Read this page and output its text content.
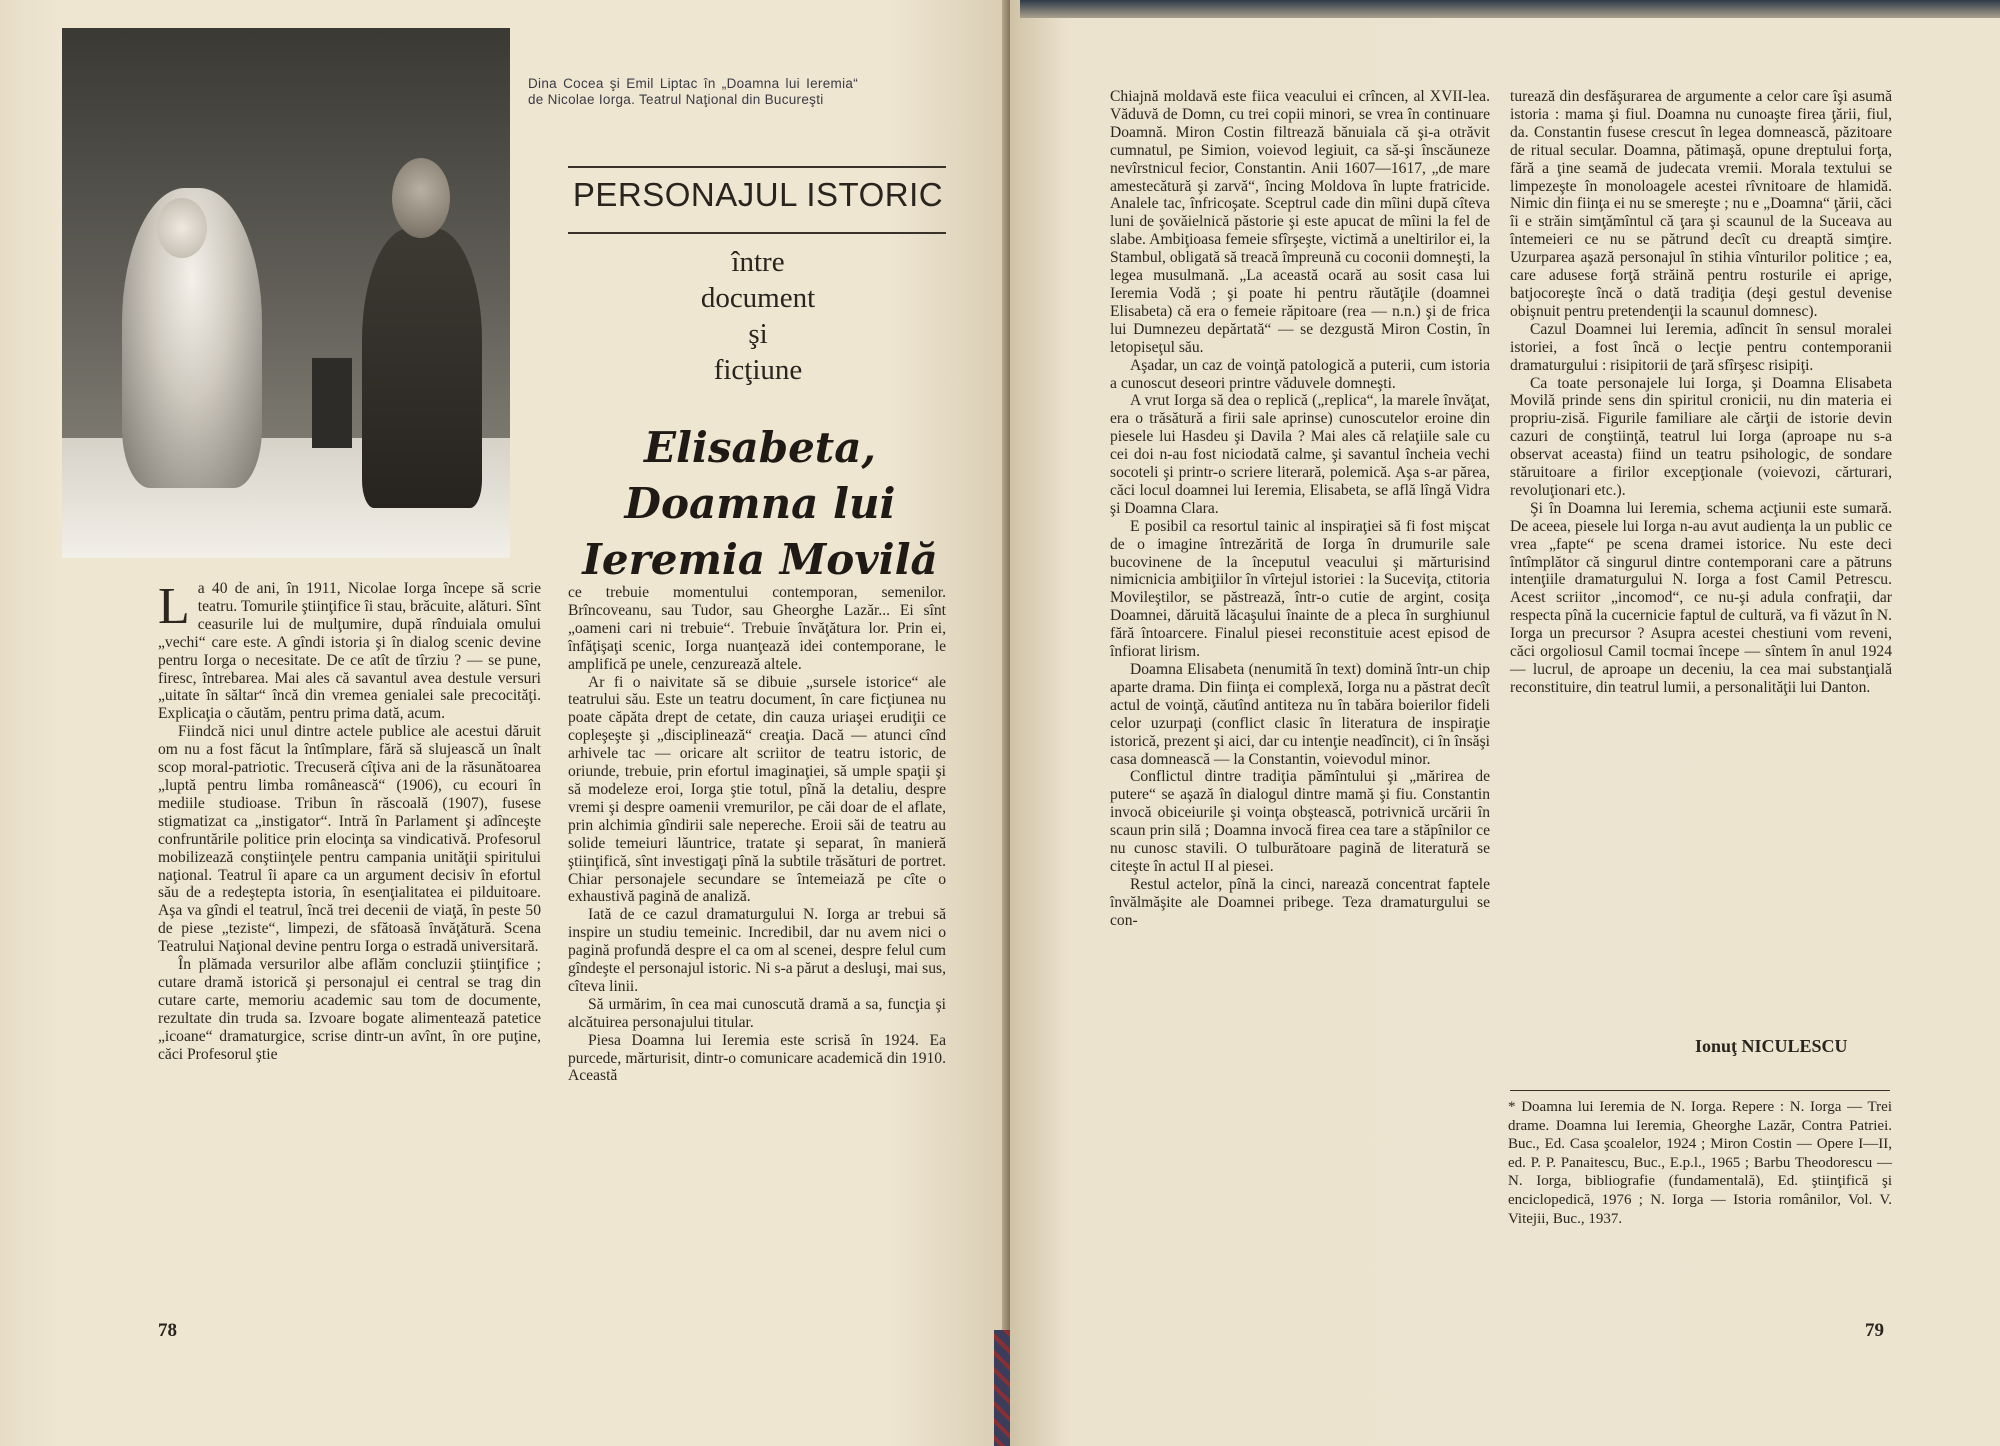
Dina Cocea şi Emil Liptac în „Doamna lui Ieremia“ de Nicolae Iorga. Teatrul Naţional din Bucureşti
PERSONAJUL ISTORIC
între
document
şi
ficţiune
Elisabeta,
Doamna lui
Ieremia Movilă

La 40 de ani, în 1911, Nicolae Iorga începe să scrie teatru. Tomurile ştiinţifice îi stau, brăcuite, alături. Sînt ceasurile lui de mulţumire, după rînduiala omului „vechi“ care este. A gîndi istoria şi în dialog scenic devine pentru Iorga o necesitate. De ce atît de tîrziu ? — se pune, firesc, întrebarea. Mai ales că savantul avea destule versuri „uitate în săltar“ încă din vremea genialei sale precocităţi. Explicaţia o căutăm, pentru prima dată, acum.

Fiindcă nici unul dintre actele publice ale acestui dăruit om nu a fost făcut la întîmplare, fără să slujească un înalt scop moral-patriotic. Trecuseră cîţiva ani de la răsunătoarea „luptă pentru limba românească“ (1906), cu ecouri în mediile studioase. Tribun în răscoală (1907), fusese stigmatizat ca „instigator“. Intră în Parlament şi adînceşte confruntările politice prin elocinţa sa vindicativă. Profesorul mobilizează conştiinţele pentru campania unităţii spiritului naţional. Teatrul îi apare ca un argument decisiv în efortul său de a redeştepta istoria, în esenţialitatea ei pilduitoare. Aşa va gîndi el teatrul, încă trei decenii de viaţă, în peste 50 de piese „teziste“, limpezi, de sfătoasă învăţătură. Scena Teatrului Naţional devine pentru Iorga o estradă universitară.

În plămada versurilor albe aflăm concluzii ştiinţifice ; cutare dramă istorică şi personajul ei central se trag din cutare carte, memoriu academic sau tom de documente, rezultate din truda sa. Izvoare bogate alimentează patetice „icoane“ dramaturgice, scrise dintr-un avînt, în ore puţine, căci Profesorul ştie

ce trebuie momentului contemporan, semenilor. Brîncoveanu, sau Tudor, sau Gheorghe Lazăr... Ei sînt „oameni cari ni trebuie“. Trebuie învăţătura lor. Prin ei, înfăţişaţi scenic, Iorga nuanţează idei contemporane, le amplifică pe unele, cenzurează altele.

Ar fi o naivitate să se dibuie „sursele istorice“ ale teatrului său. Este un teatru document, în care ficţiunea nu poate căpăta drept de cetate, din cauza uriaşei erudiţii ce copleşeşte şi „disciplinează“ creaţia. Dacă — atunci cînd arhivele tac — oricare alt scriitor de teatru istoric, de oriunde, trebuie, prin efortul imaginaţiei, să umple spaţii şi să modeleze eroi, Iorga ştie totul, pînă la detaliu, despre vremi şi despre oamenii vremurilor, pe căi doar de el aflate, prin alchimia gîndirii sale nepereche. Eroii săi de teatru au solide temeiuri lăuntrice, tratate şi separat, în manieră ştiinţifică, sînt investigaţi pînă la subtile trăsături de portret. Chiar personajele secundare se întemeiază pe cîte o exhaustivă pagină de analiză.

Iată de ce cazul dramaturgului N. Iorga ar trebui să inspire un studiu temeinic. Incredibil, dar nu avem nici o pagină profundă despre el ca om al scenei, despre felul cum gîndeşte el personajul istoric. Ni s-a părut a desluşi, mai sus, cîteva linii.

Să urmărim, în cea mai cunoscută dramă a sa, funcţia şi alcătuirea personajului titular.

Piesa Doamna lui Ieremia este scrisă în 1924. Ea purcede, mărturisit, dintr-o comunicare academică din 1910. Această

78

Chiajnă moldavă este fiica veacului ei crîncen, al XVII-lea. Văduvă de Domn, cu trei copii minori, se vrea în continuare Doamnă. Miron Costin filtrează bănuiala că şi-a otrăvit cumnatul, pe Simion, voievod legiuit, ca să-şi înscăuneze nevîrstnicul fecior, Constantin. Anii 1607—1617, „de mare amestecătură şi zarvă“, încing Moldova în lupte fratricide. Analele tac, înfricoşate. Sceptrul cade din mîini după cîteva luni de şovăielnică păstorie şi este apucat de mîini la fel de slabe. Ambiţioasa femeie sfîrşeşte, victimă a uneltirilor ei, la Stambul, obligată să treacă împreună cu coconii domneşti, la legea musulmană. „La această ocară au sosit casa lui Ieremia Vodă ; şi poate hi pentru răutăţile (doamnei Elisabeta) că era o femeie răpitoare (rea — n.n.) şi de frica lui Dumnezeu depărtată“ — se dezgustă Miron Costin, în letopiseţul său.

Aşadar, un caz de voinţă patologică a puterii, cum istoria a cunoscut deseori printre văduvele domneşti.

A vrut Iorga să dea o replică („replica“, la marele învăţat, era o trăsătură a firii sale aprinse) cunoscutelor eroine din piesele lui Hasdeu şi Davila ? Mai ales că relaţiile sale cu cei doi n-au fost niciodată calme, şi savantul încheia vechi socoteli şi printr-o scriere literară, polemică. Aşa s-ar părea, căci locul doamnei lui Ieremia, Elisabeta, se află lîngă Vidra şi Doamna Clara.

E posibil ca resortul tainic al inspiraţiei să fi fost mişcat de o imagine întrezărită de Iorga în drumurile sale bucovinene de la începutul veacului şi mărturisind nimicnicia ambiţiilor în vîrtejul istoriei : la Suceviţa, ctitoria Movileştilor, se păstrează, într-o cutie de argint, cosiţa Doamnei, dăruită lăcaşului înainte de a pleca în surghiunul fără întoarcere. Finalul piesei reconstituie acest episod de înfiorat lirism.

Doamna Elisabeta (nenumită în text) domină într-un chip aparte drama. Din fiinţa ei complexă, Iorga nu a păstrat decît actul de voinţă, căutînd antiteza nu în tabăra boierilor fideli celor uzurpaţi (conflict clasic în literatura de inspiraţie istorică, prezent şi aici, dar cu intenţie neadîncit), ci în însăşi casa domnească — la Constantin, voievodul minor.

Conflictul dintre tradiţia pămîntului şi „mărirea de putere“ se aşază în dialogul dintre mamă şi fiu. Constantin invocă obiceiurile şi voinţa obştească, potrivnică urcării în scaun prin silă ; Doamna invocă firea cea tare a stăpînilor ce nu cunosc stavili. O tulburătoare pagină de literatură se citeşte în actul II al piesei.

Restul actelor, pînă la cinci, narează concentrat faptele învălmăşite ale Doamnei pribege. Teza dramaturgului se con-

turează din desfăşurarea de argumente a celor care îşi asumă istoria : mama şi fiul. Doamna nu cunoaşte firea ţării, fiul, da. Constantin fusese crescut în legea domnească, păzitoare de ritual secular. Doamna, pătimaşă, opune dreptului forţa, fără a ţine seamă de judecata vremii. Morala textului se limpezeşte în monoloagele acestei rîvnitoare de hlamidă. Nimic din fiinţa ei nu se smereşte ; nu e „Doamna“ ţării, căci îi e străin simţămîntul că ţara şi scaunul de la Suceava au întemeieri ce nu se pătrund decît cu dreaptă simţire. Uzurparea aşază personajul în stihia vînturilor politice ; ea, care adusese forţă străină pentru rosturile ei aprige, batjocoreşte încă o dată tradiţia (deşi gestul devenise obişnuit pentru pretendenţii la scaunul domnesc).

Cazul Doamnei lui Ieremia, adîncit în sensul moralei istoriei, a fost încă o lecţie pentru contemporanii dramaturgului : risipitorii de ţară sfîrşesc risipiţi.

Ca toate personajele lui Iorga, şi Doamna Elisabeta Movilă prinde sens din spiritul cronicii, nu din materia ei propriu-zisă. Figurile familiare ale cărţii de istorie devin cazuri de conştiinţă, teatrul lui Iorga (aproape nu s-a observat aceasta) fiind un teatru psihologic, de sondare stăruitoare a firilor excepţionale (voievozi, cărturari, revoluţionari etc.).

Şi în Doamna lui Ieremia, schema acţiunii este sumară. De aceea, piesele lui Iorga n-au avut audienţa la un public ce vrea „fapte“ pe scena dramei istorice. Nu este deci întîmplător că singurul dintre contemporani care a pătruns intenţiile dramaturgului N. Iorga a fost Camil Petrescu. Acest scriitor „incomod“, ce nu-şi adula confraţii, dar respecta pînă la cucernicie faptul de cultură, va fi văzut în N. Iorga un precursor ? Asupra acestei chestiuni vom reveni, căci orgoliosul Camil tocmai începe — sîntem în anul 1924 — lucrul, de aproape un deceniu, la cea mai substanţială reconstituire, din teatrul lumii, a personalităţii lui Danton.

79
Ionuţ NICULESCU
* Doamna lui Ieremia de N. Iorga. Repere : N. Iorga — Trei drame. Doamna lui Ieremia, Gheorghe Lazăr, Contra Patriei. Buc., Ed. Casa şcoalelor, 1924 ; Miron Costin — Opere I—II, ed. P. P. Panaitescu, Buc., E.p.l., 1965 ; Barbu Theodorescu — N. Iorga, bibliografie (fundamentală), Ed. ştiinţifică şi enciclopedică, 1976 ; N. Iorga — Istoria românilor, Vol. V. Vitejii, Buc., 1937.
